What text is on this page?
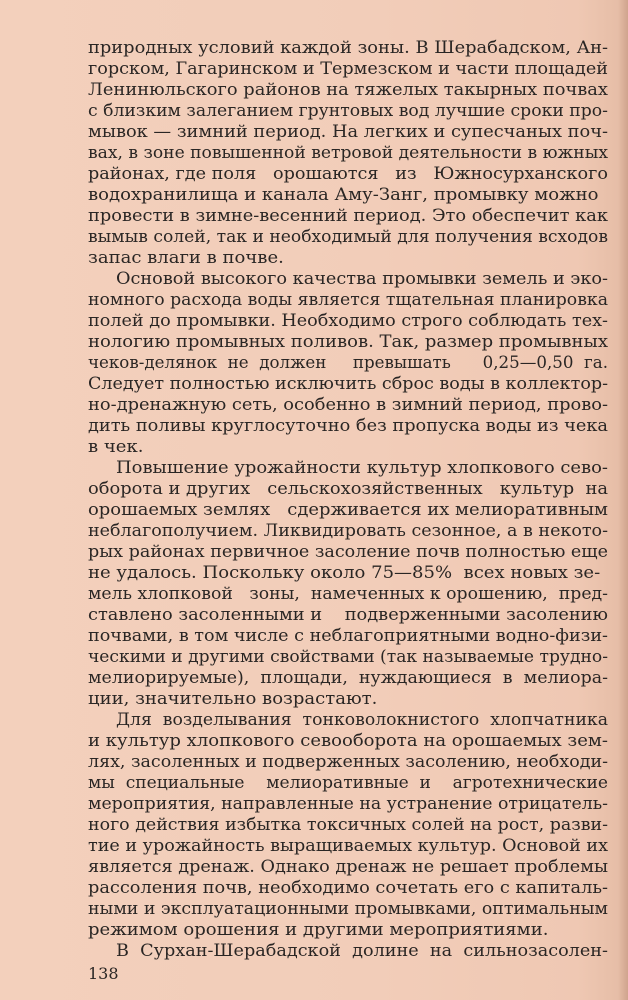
природных условий каждой зоны. В Шерабадском, Ан-
горском, Гагаринском и Термезском и части площадей
Ленинюльского районов на тяжелых такырных почвах
с близким залеганием грунтовых вод лучшие сроки про-
мывок — зимний период. На легких и супесчаных поч-
вах, в зоне повышенной ветровой деятельности в южных
районах, где поля   орошаются   из   Южносурханского
водохранилища и канала Аму-Занг, промывку можно
провести в зимне-весенний период. Это обеспечит как
вымыв солей, так и необходимый для получения всходов
запас влаги в почве.
Основой высокого качества промывки земель и эко-
номного расхода воды является тщательная планировка
полей до промывки. Необходимо строго соблюдать тех-
нологию промывных поливов. Так, размер промывных
чеков-делянок  не  должен     превышать      0,25—0,50  га.
Следует полностью исключить сброс воды в коллектор-
но-дренажную сеть, особенно в зимний период, прово-
дить поливы круглосуточно без пропуска воды из чека
в чек.
Повышение урожайности культур хлопкового сево-
оборота и других   сельскохозяйственных   культур  на
орошаемых землях   сдерживается их мелиоративным
неблагополучием. Ликвидировать сезонное, а в некото-
рых районах первичное засоление почв полностью еще
не удалось. Поскольку около 75—85%  всех новых зе-
мель хлопковой   зоны,  намеченных к орошению,  пред-
ставлено засоленными и    подверженными засолению
почвами, в том числе с неблагоприятными водно-физи-
ческими и другими свойствами (так называемые трудно-
мелиорируемые),  площади,  нуждающиеся  в  мелиора-
ции, значительно возрастают.
Для  возделывания  тонковолокнистого  хлопчатника
и культур хлопкового севооборота на орошаемых зем-
лях, засоленных и подверженных засолению, необходи-
мы  специальные    мелиоративные  и    агротехнические
мероприятия, направленные на устранение отрицатель-
ного действия избытка токсичных солей на рост, разви-
тие и урожайность выращиваемых культур. Основой их
является дренаж. Однако дренаж не решает проблемы
рассоления почв, необходимо сочетать его с капиталь-
ными и эксплуатационными промывками, оптимальным
режимом орошения и другими мероприятиями.
В  Сурхан-Шерабадской  долине  на  сильнозасолен-
138
